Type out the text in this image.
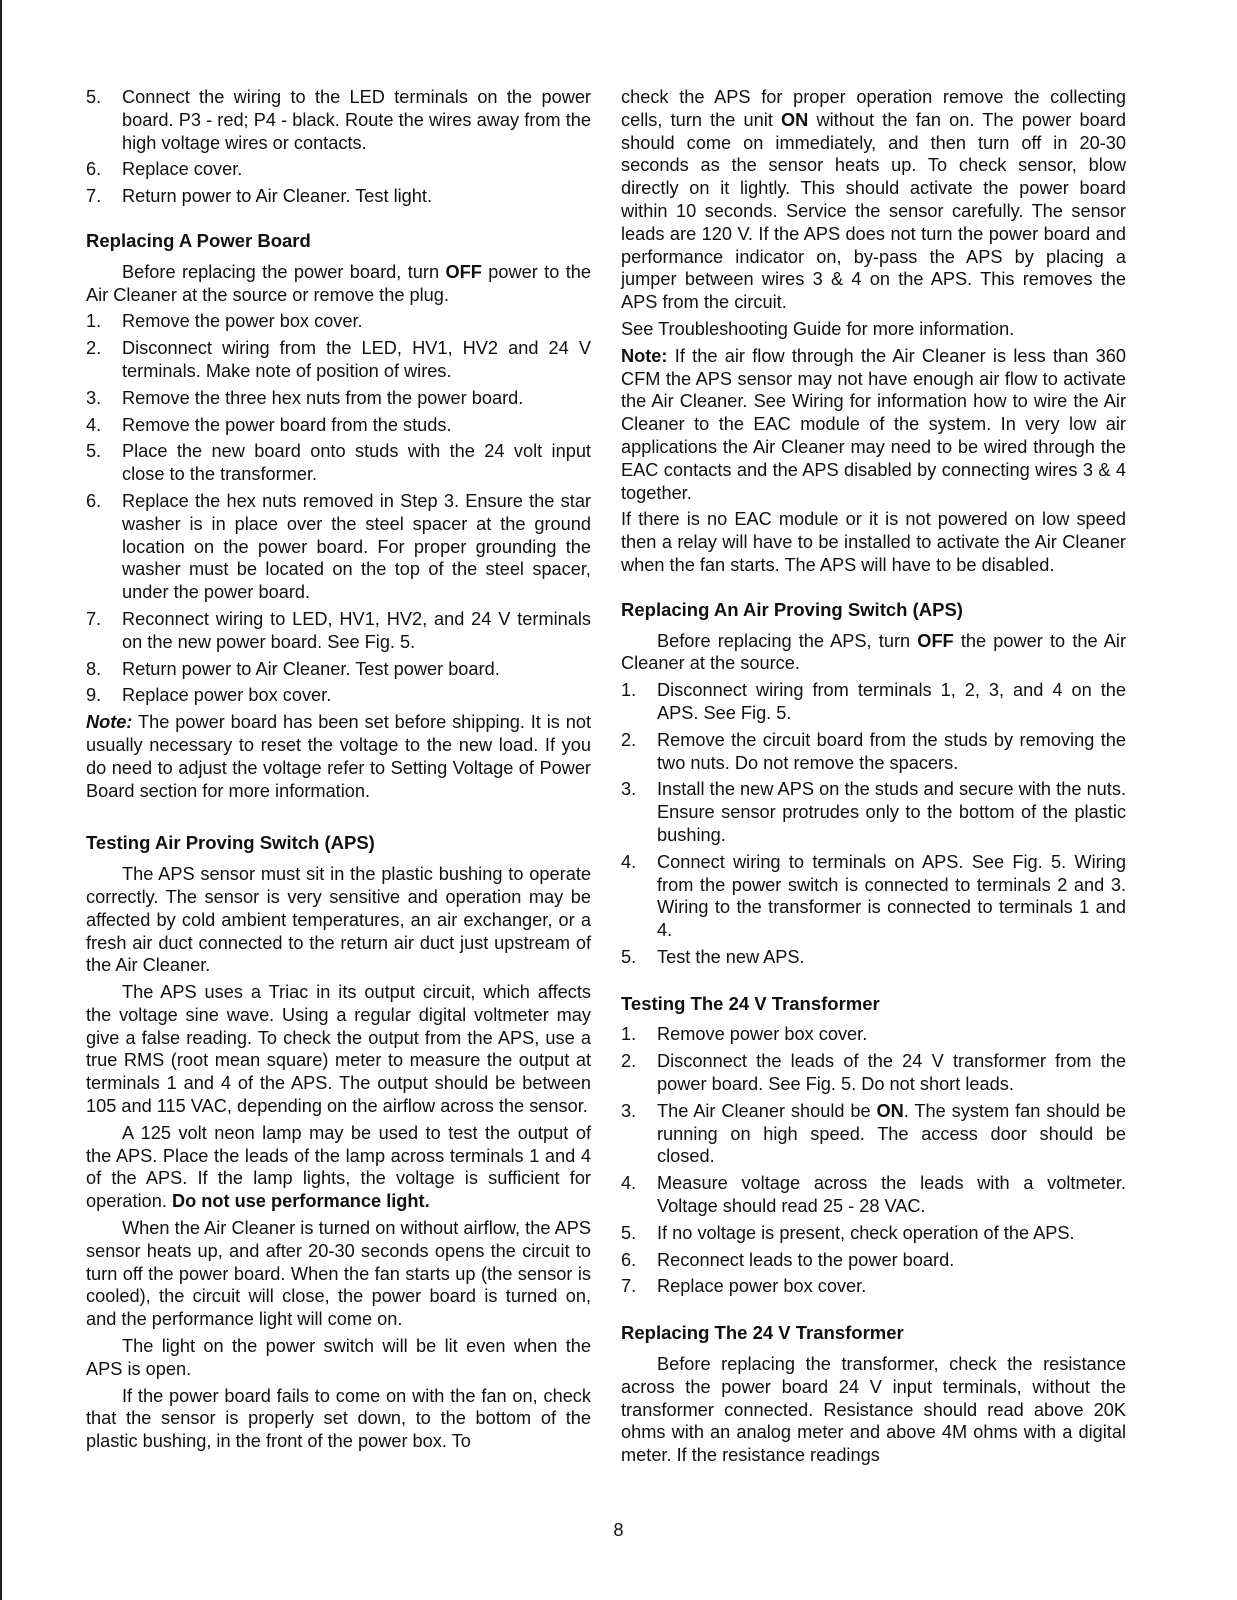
5. Connect the wiring to the LED terminals on the power board. P3 - red; P4 - black. Route the wires away from the high voltage wires or contacts.
6. Replace cover.
7. Return power to Air Cleaner. Test light.
Replacing A Power Board

Before replacing the power board, turn OFF power to the Air Cleaner at the source or remove the plug.

1. Remove the power box cover.
2. Disconnect wiring from the LED, HV1, HV2 and 24 V terminals. Make note of position of wires.
3. Remove the three hex nuts from the power board.
4. Remove the power board from the studs.
5. Place the new board onto studs with the 24 volt input close to the transformer.
6. Replace the hex nuts removed in Step 3. Ensure the star washer is in place over the steel spacer at the ground location on the power board. For proper grounding the washer must be located on the top of the steel spacer, under the power board.
7. Reconnect wiring to LED, HV1, HV2, and 24 V terminals on the new power board. See Fig. 5.
8. Return power to Air Cleaner. Test power board.
9. Replace power box cover.

Note: The power board has been set before shipping. It is not usually necessary to reset the voltage to the new load. If you do need to adjust the voltage refer to Setting Voltage of Power Board section for more information.

Testing Air Proving Switch (APS)

The APS sensor must sit in the plastic bushing to operate correctly. The sensor is very sensitive and operation may be affected by cold ambient temperatures, an air exchanger, or a fresh air duct connected to the return air duct just upstream of the Air Cleaner.

The APS uses a Triac in its output circuit, which affects the voltage sine wave. Using a regular digital voltmeter may give a false reading. To check the output from the APS, use a true RMS (root mean square) meter to measure the output at terminals 1 and 4 of the APS. The output should be between 105 and 115 VAC, depending on the airflow across the sensor.

A 125 volt neon lamp may be used to test the output of the APS. Place the leads of the lamp across terminals 1 and 4 of the APS. If the lamp lights, the voltage is sufficient for operation. Do not use performance light.

When the Air Cleaner is turned on without airflow, the APS sensor heats up, and after 20-30 seconds opens the circuit to turn off the power board. When the fan starts up (the sensor is cooled), the circuit will close, the power board is turned on, and the performance light will come on.

The light on the power switch will be lit even when the APS is open.

If the power board fails to come on with the fan on, check that the sensor is properly set down, to the bottom of the plastic bushing, in the front of the power box. To

check the APS for proper operation remove the collecting cells, turn the unit ON without the fan on. The power board should come on immediately, and then turn off in 20-30 seconds as the sensor heats up. To check sensor, blow directly on it lightly. This should activate the power board within 10 seconds. Service the sensor carefully. The sensor leads are 120 V. If the APS does not turn the power board and performance indicator on, by-pass the APS by placing a jumper between wires 3 & 4 on the APS. This removes the APS from the circuit.

See Troubleshooting Guide for more information.

Note: If the air flow through the Air Cleaner is less than 360 CFM the APS sensor may not have enough air flow to activate the Air Cleaner. See Wiring for information how to wire the Air Cleaner to the EAC module of the system. In very low air applications the Air Cleaner may need to be wired through the EAC contacts and the APS disabled by connecting wires 3 & 4 together.

If there is no EAC module or it is not powered on low speed then a relay will have to be installed to activate the Air Cleaner when the fan starts. The APS will have to be disabled.

Replacing An Air Proving Switch (APS)

Before replacing the APS, turn OFF the power to the Air Cleaner at the source.

1. Disconnect wiring from terminals 1, 2, 3, and 4 on the APS. See Fig. 5.
2. Remove the circuit board from the studs by removing the two nuts. Do not remove the spacers.
3. Install the new APS on the studs and secure with the nuts. Ensure sensor protrudes only to the bottom of the plastic bushing.
4. Connect wiring to terminals on APS. See Fig. 5. Wiring from the power switch is connected to terminals 2 and 3. Wiring to the transformer is connected to terminals 1 and 4.
5. Test the new APS.
Testing The 24 V Transformer
1. Remove power box cover.
2. Disconnect the leads of the 24 V transformer from the power board. See Fig. 5. Do not short leads.
3. The Air Cleaner should be ON. The system fan should be running on high speed. The access door should be closed.
4. Measure voltage across the leads with a voltmeter. Voltage should read 25 - 28 VAC.
5. If no voltage is present, check operation of the APS.
6. Reconnect leads to the power board.
7. Replace power box cover.
Replacing The 24 V Transformer

Before replacing the transformer, check the resistance across the power board 24 V input terminals, without the transformer connected. Resistance should read above 20K ohms with an analog meter and above 4M ohms with a digital meter. If the resistance readings

8
